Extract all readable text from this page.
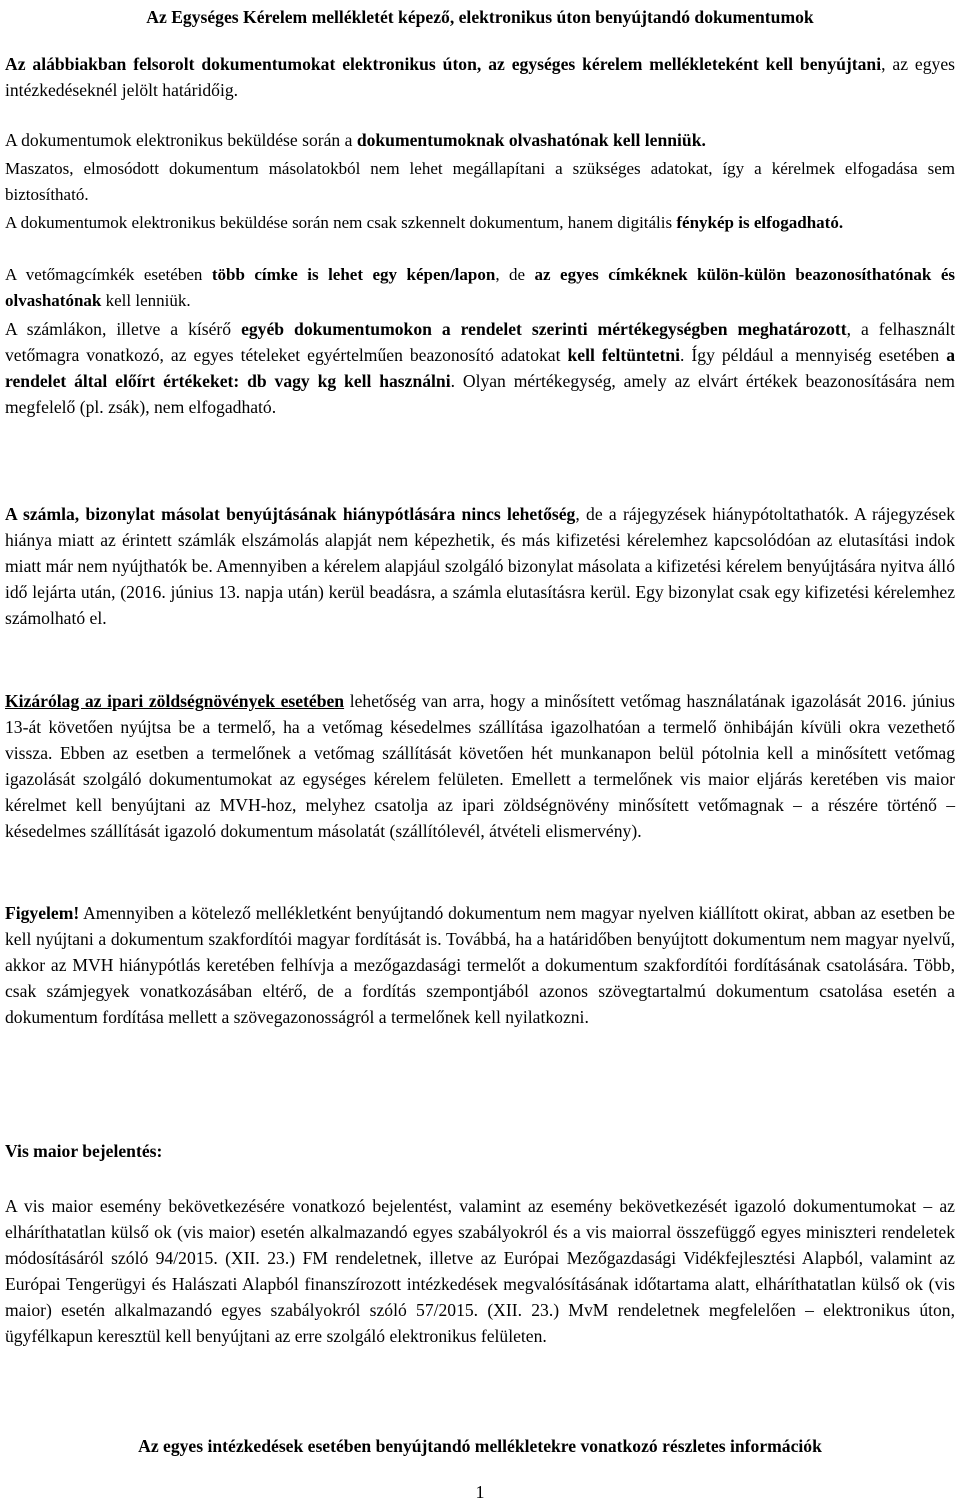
Az Egységes Kérelem mellékletét képező, elektronikus úton benyújtandó dokumentumok

Az alábbiakban felsorolt dokumentumokat elektronikus úton, az egységes kérelem mellékleteként kell benyújtani, az egyes intézkedéseknél jelölt határidőig.

A dokumentumok elektronikus beküldése során a dokumentumoknak olvashatónak kell lenniük.

Maszatos, elmosódott dokumentum másolatokból nem lehet megállapítani a szükséges adatokat, így a kérelmek elfogadása sem biztosítható.

A dokumentumok elektronikus beküldése során nem csak szkennelt dokumentum, hanem digitális fénykép is elfogadható.

A vetőmagcímkék esetében több címke is lehet egy képen/lapon, de az egyes címkéknek külön-külön beazonosíthatónak és olvashatónak kell lenniük.

A számlákon, illetve a kísérő egyéb dokumentumokon a rendelet szerinti mértékegységben meghatározott, a felhasznált vetőmagra vonatkozó, az egyes tételeket egyértelműen beazonosító adatokat kell feltüntetni. Így például a mennyiség esetében a rendelet által előírt értékeket: db vagy kg kell használni. Olyan mértékegység, amely az elvárt értékek beazonosítására nem megfelelő (pl. zsák), nem elfogadható.

A számla, bizonylat másolat benyújtásának hiánypótlására nincs lehetőség, de a rájegyzések hiánypótoltathatók. A rájegyzések hiánya miatt az érintett számlák elszámolás alapját nem képezhetik, és más kifizetési kérelemhez kapcsolódóan az elutasítási indok miatt már nem nyújthatók be. Amennyiben a kérelem alapjául szolgáló bizonylat másolata a kifizetési kérelem benyújtására nyitva álló idő lejárta után, (2016. június 13. napja után) kerül beadásra, a számla elutasításra kerül. Egy bizonylat csak egy kifizetési kérelemhez számolható el.

Kizárólag az ipari zöldségnövények esetében lehetőség van arra, hogy a minősített vetőmag használatának igazolását 2016. június 13-át követően nyújtsa be a termelő, ha a vetőmag késedelmes szállítása igazolhatóan a termelő önhibáján kívüli okra vezethető vissza. Ebben az esetben a termelőnek a vetőmag szállítását követően hét munkanapon belül pótolnia kell a minősített vetőmag igazolását szolgáló dokumentumokat az egységes kérelem felületen. Emellett a termelőnek vis maior eljárás keretében vis maior kérelmet kell benyújtani az MVH-hoz, melyhez csatolja az ipari zöldségnövény minősített vetőmagnak – a részére történő – késedelmes szállítását igazoló dokumentum másolatát (szállítólevél, átvételi elismervény).

Figyelem! Amennyiben a kötelező mellékletként benyújtandó dokumentum nem magyar nyelven kiállított okirat, abban az esetben be kell nyújtani a dokumentum szakfordítói magyar fordítását is. Továbbá, ha a határidőben benyújtott dokumentum nem magyar nyelvű, akkor az MVH hiánypótlás keretében felhívja a mezőgazdasági termelőt a dokumentum szakfordítói fordításának csatolására. Több, csak számjegyek vonatkozásában eltérő, de a fordítás szempontjából azonos szövegtartalmú dokumentum csatolása esetén a dokumentum fordítása mellett a szövegazonosságról a termelőnek kell nyilatkozni.

Vis maior bejelentés:

A vis maior esemény bekövetkezésére vonatkozó bejelentést, valamint az esemény bekövetkezését igazoló dokumentumokat – az elháríthatatlan külső ok (vis maior) esetén alkalmazandó egyes szabályokról és a vis maiorral összefüggő egyes miniszteri rendeletek módosításáról szóló 94/2015. (XII. 23.) FM rendeletnek, illetve az Európai Mezőgazdasági Vidékfejlesztési Alapból, valamint az Európai Tengerügyi és Halászati Alapból finanszírozott intézkedések megvalósításának időtartama alatt, elháríthatatlan külső ok (vis maior) esetén alkalmazandó egyes szabályokról szóló 57/2015. (XII. 23.) MvM rendeletnek megfelelően – elektronikus úton, ügyfélkapun keresztül kell benyújtani az erre szolgáló elektronikus felületen.

Az egyes intézkedések esetében benyújtandó mellékletekre vonatkozó részletes információk
1
